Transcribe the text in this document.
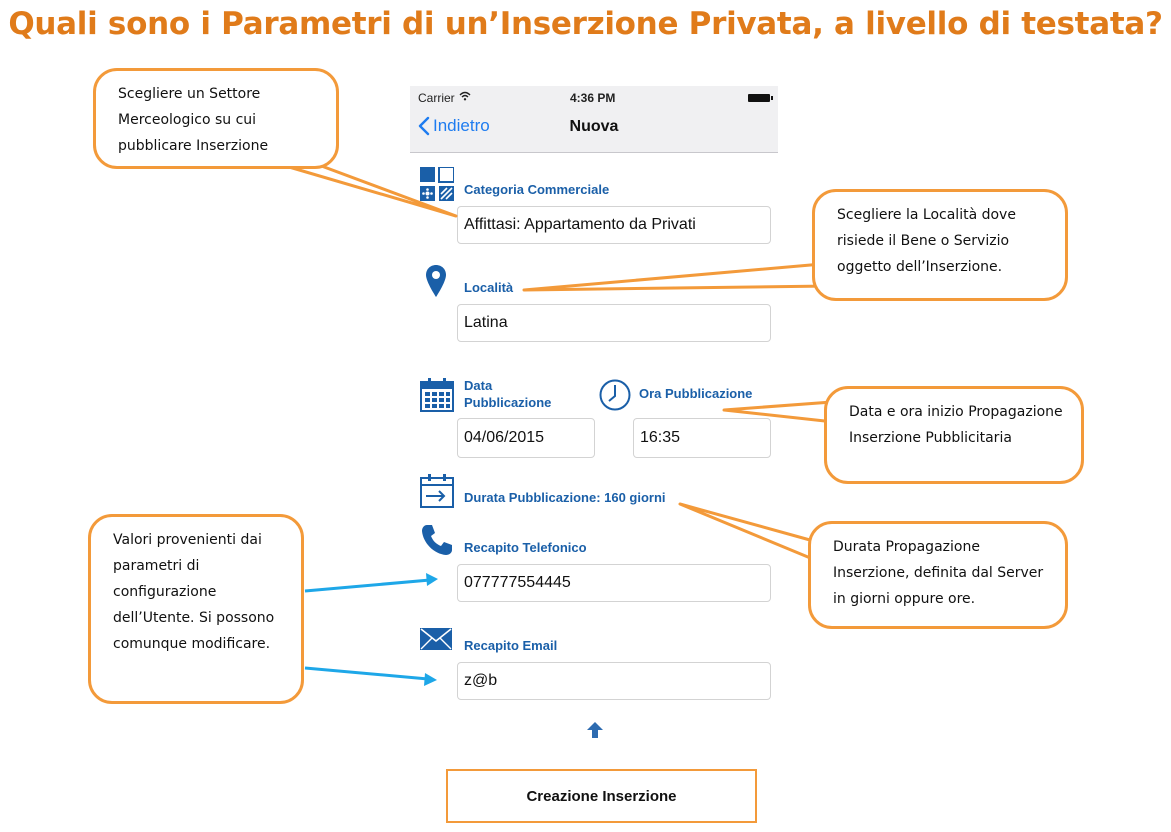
Quali sono i Parametri di un’Inserzione Privata, a livello di testata?
Carrier	4:36 PM
Indietro	Nuova
Categoria Commerciale
Affittasi: Appartamento da Privati
Località
Latina
Data Pubblicazione
04/06/2015
Ora Pubblicazione
16:35
Durata Pubblicazione: 160 giorni
Recapito Telefonico
077777554445
Recapito Email
z@b
Creazione Inserzione
Scegliere un Settore Merceologico su cui pubblicare Inserzione
Scegliere la Località dove risiede il Bene o Servizio oggetto dell’Inserzione.
Data e ora inizio Propagazione Inserzione Pubblicitaria
Durata Propagazione Inserzione, definita dal Server in giorni oppure ore.
Valori provenienti dai parametri di configurazione dell’Utente. Si possono comunque modificare.
